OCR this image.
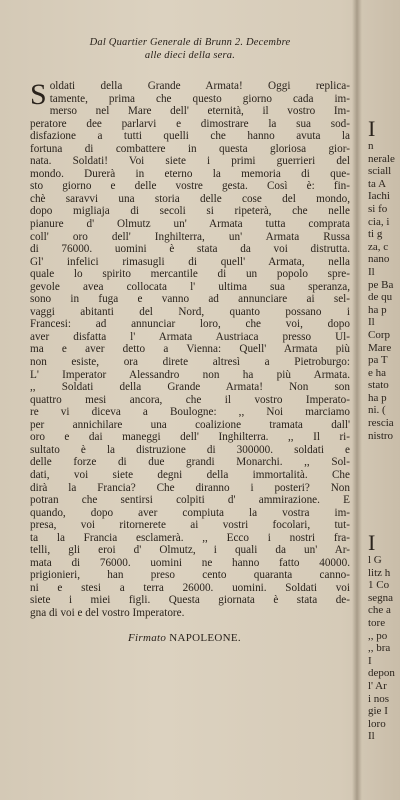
Dal Quartier Generale di Brunn 2. Decembre
alle dieci della sera.
S oldati della Grande Armata! Oggi replica-
tamente, prima che questo giorno cada im-
merso nel Mare dell' eternità, il vostro Im-
peratore dee parlarvi e dimostrare la sua sod-
disfazione a tutti quelli che hanno avuta la
fortuna di combattere in questa gloriosa gior-
nata. Soldati! Voi siete i primi guerrieri del
mondo. Durerà in eterno la memoria di que-
sto giorno e delle vostre gesta. Così è: fin-
chè saravvi una storia delle cose del mondo,
dopo migliaja di secoli si ripeterà, che nelle
pianure d' Olmutz un' Armata tutta comprata
coll' oro dell' Inghilterra, un' Armata Russa
di 76000. uomini è stata da voi distrutta.
Gl' infelici rimasugli di quell' Armata, nella
quale lo spirito mercantile di un popolo spre-
gevole avea collocata l' ultima sua speranza,
sono in fuga e vanno ad annunciare ai sel-
vaggi abitanti del Nord, quanto possano i
Francesi: ad annunciar loro, che voi, dopo
aver disfatta l' Armata Austriaca presso Ul-
ma e aver detto a Vienna: Quell' Armata più
non esiste, ora direte altresì a Pietroburgo:
L' Imperator Alessandro non ha più Armata.
,, Soldati della Grande Armata! Non son
quattro mesi ancora, che il vostro Imperato-
re vi diceva a Boulogne: ,, Noi marciamo
per annichilare una coalizione tramata dall'
oro e dai maneggi dell' Inghilterra. ,, Il ri-
sultato è la distruzione di 300000. soldati e
delle forze di due grandi Monarchi. ,, Sol-
dati, voi siete degni della immortalità. Che
dirà la Francia? Che diranno i posteri? Non
potran che sentirsi colpiti d' ammirazione. E
quando, dopo aver compiuta la vostra im-
presa, voi ritornerete ai vostri focolari, tut-
ta la Francia esclamerà. ,, Ecco i nostri fra-
telli, gli eroi d' Olmutz, i quali da un' Ar-
mata di 76000. uomini ne hanno fatto 40000.
prigionieri, han preso cento quaranta canno-
ni e stesi a terra 26000. uomini. Soldati voi
siete i miei figli. Questa giornata è stata de-
gna di voi e del vostro Imperatore.
Firmato NAPOLEONE.
I
n
nerale
sciall
ta A
Iachi
si fo
cia, i
ti g
za, c
nano
Il
pe Ba
de qu
ha p
Il
Corp
Mare
pa T
e ha
stato
ha p
ni. (
rescia
nistro
I
l G
litz h
1 Co
segna
che a
tore
,, po
,, bra
I
depon
l' Ar
i nos
gie I
loro
Il
